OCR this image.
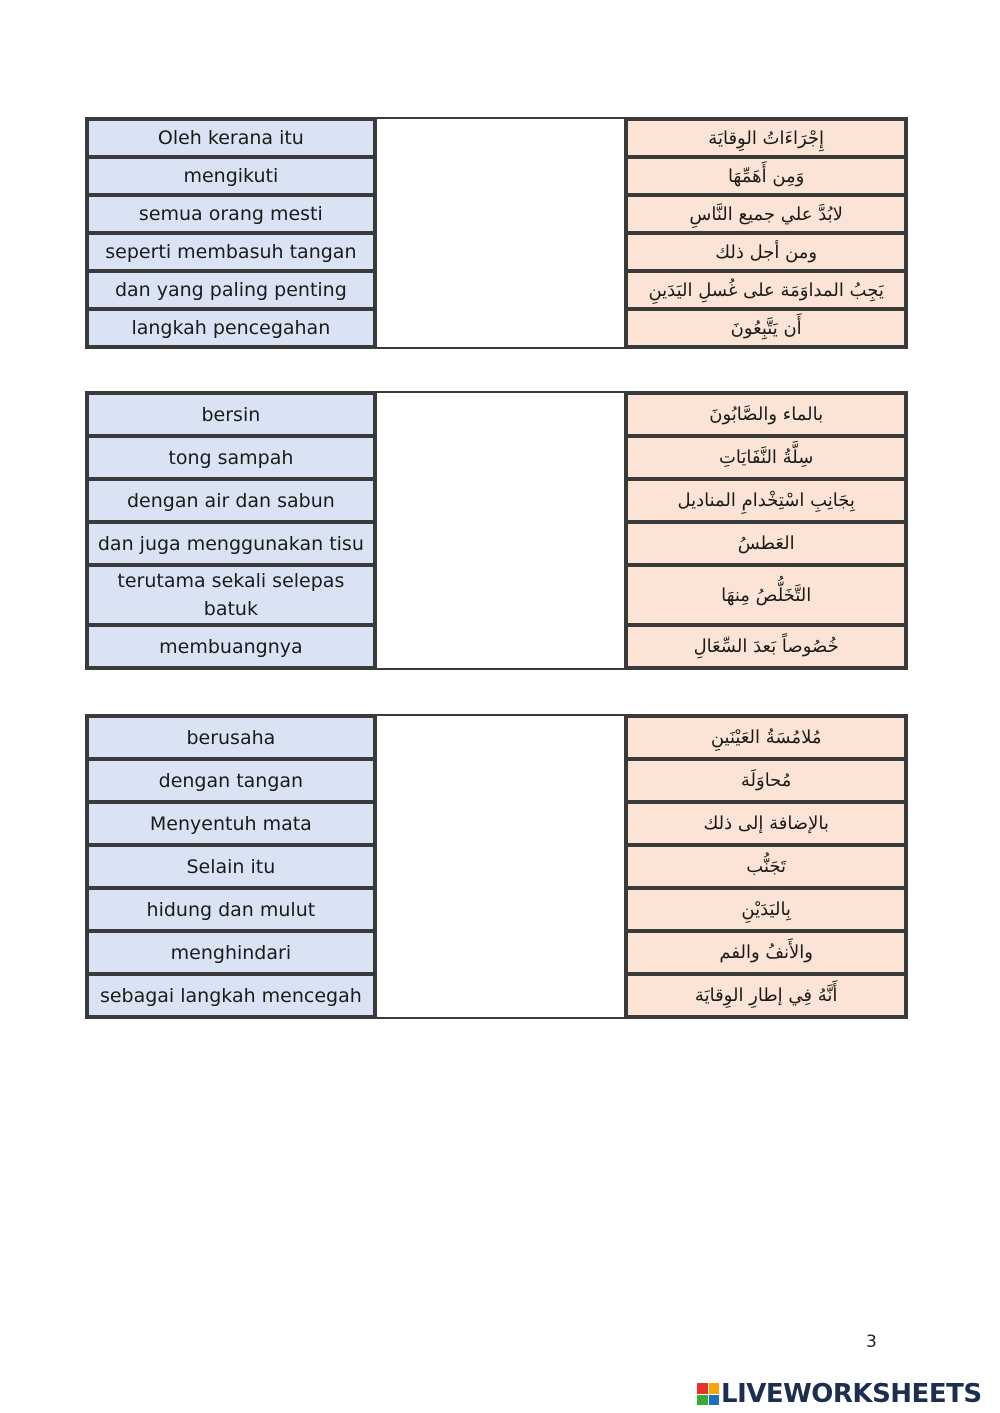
Oleh kerana itu		إِجْرَاءَاتُ الوِقايَة
mengikuti		وَمِن أَهَمِّهَا
semua orang mesti		لابُدَّ علي جميع النَّاسِ
seperti membasuh tangan		ومن أجل ذلك
dan yang paling penting		يَجِبُ المداوَمَة على غُسلِ اليَدَينِ
langkah pencegahan		أَن يَتَّبِعُونَ
bersin		بالماء والصَّابُونَ
tong sampah		سِلَّةُ النَّفَايَاتِ
dengan air dan sabun		بِجَانِبِ اسْتِخْدامِ المناديل
dan juga menggunakan tisu		العَطسُ
terutama sekali selepas batuk		التَّخَلُّصُ مِنهَا
membuangnya		خُصُوصاً بَعدَ السِّعَالِ
berusaha		مُلامُسَةُ العَيْنَينِ
dengan tangan		مُحاوَلَة
Menyentuh mata		بالإضافة إلى ذلك
Selain itu		تَجَنُّب
hidung dan mulut		بِاليَدَيْنِ
menghindari		والأَنفُ والفم
sebagai langkah mencegah		أَنَّهُ فِي إطارِ الوِقايَة
3
LIVEWORKSHEETS
